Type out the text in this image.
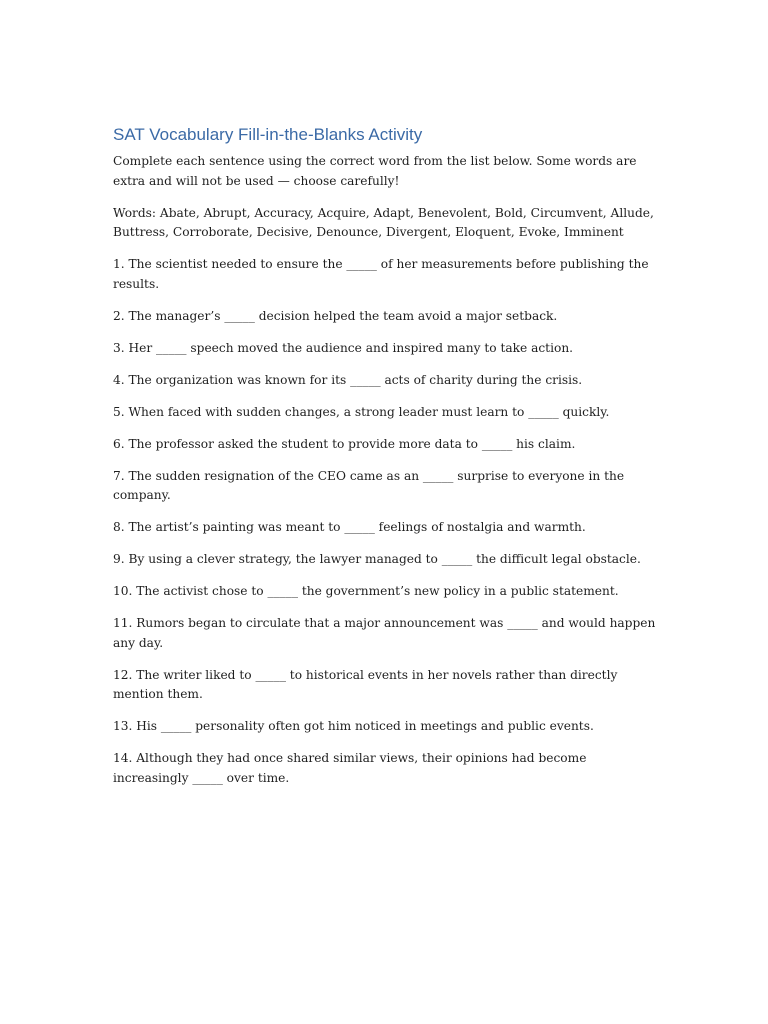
SAT Vocabulary Fill-in-the-Blanks Activity

Complete each sentence using the correct word from the list below. Some words are extra and will not be used — choose carefully!

Words: Abate, Abrupt, Accuracy, Acquire, Adapt, Benevolent, Bold, Circumvent, Allude, Buttress, Corroborate, Decisive, Denounce, Divergent, Eloquent, Evoke, Imminent

1. The scientist needed to ensure the _____ of her measurements before publishing the results.

2. The manager’s _____ decision helped the team avoid a major setback.

3. Her _____ speech moved the audience and inspired many to take action.

4. The organization was known for its _____ acts of charity during the crisis.

5. When faced with sudden changes, a strong leader must learn to _____ quickly.

6. The professor asked the student to provide more data to _____ his claim.

7. The sudden resignation of the CEO came as an _____ surprise to everyone in the company.

8. The artist’s painting was meant to _____ feelings of nostalgia and warmth.

9. By using a clever strategy, the lawyer managed to _____ the difficult legal obstacle.

10. The activist chose to _____ the government’s new policy in a public statement.

11. Rumors began to circulate that a major announcement was _____ and would happen any day.

12. The writer liked to _____ to historical events in her novels rather than directly mention them.

13. His _____ personality often got him noticed in meetings and public events.

14. Although they had once shared similar views, their opinions had become increasingly _____ over time.
